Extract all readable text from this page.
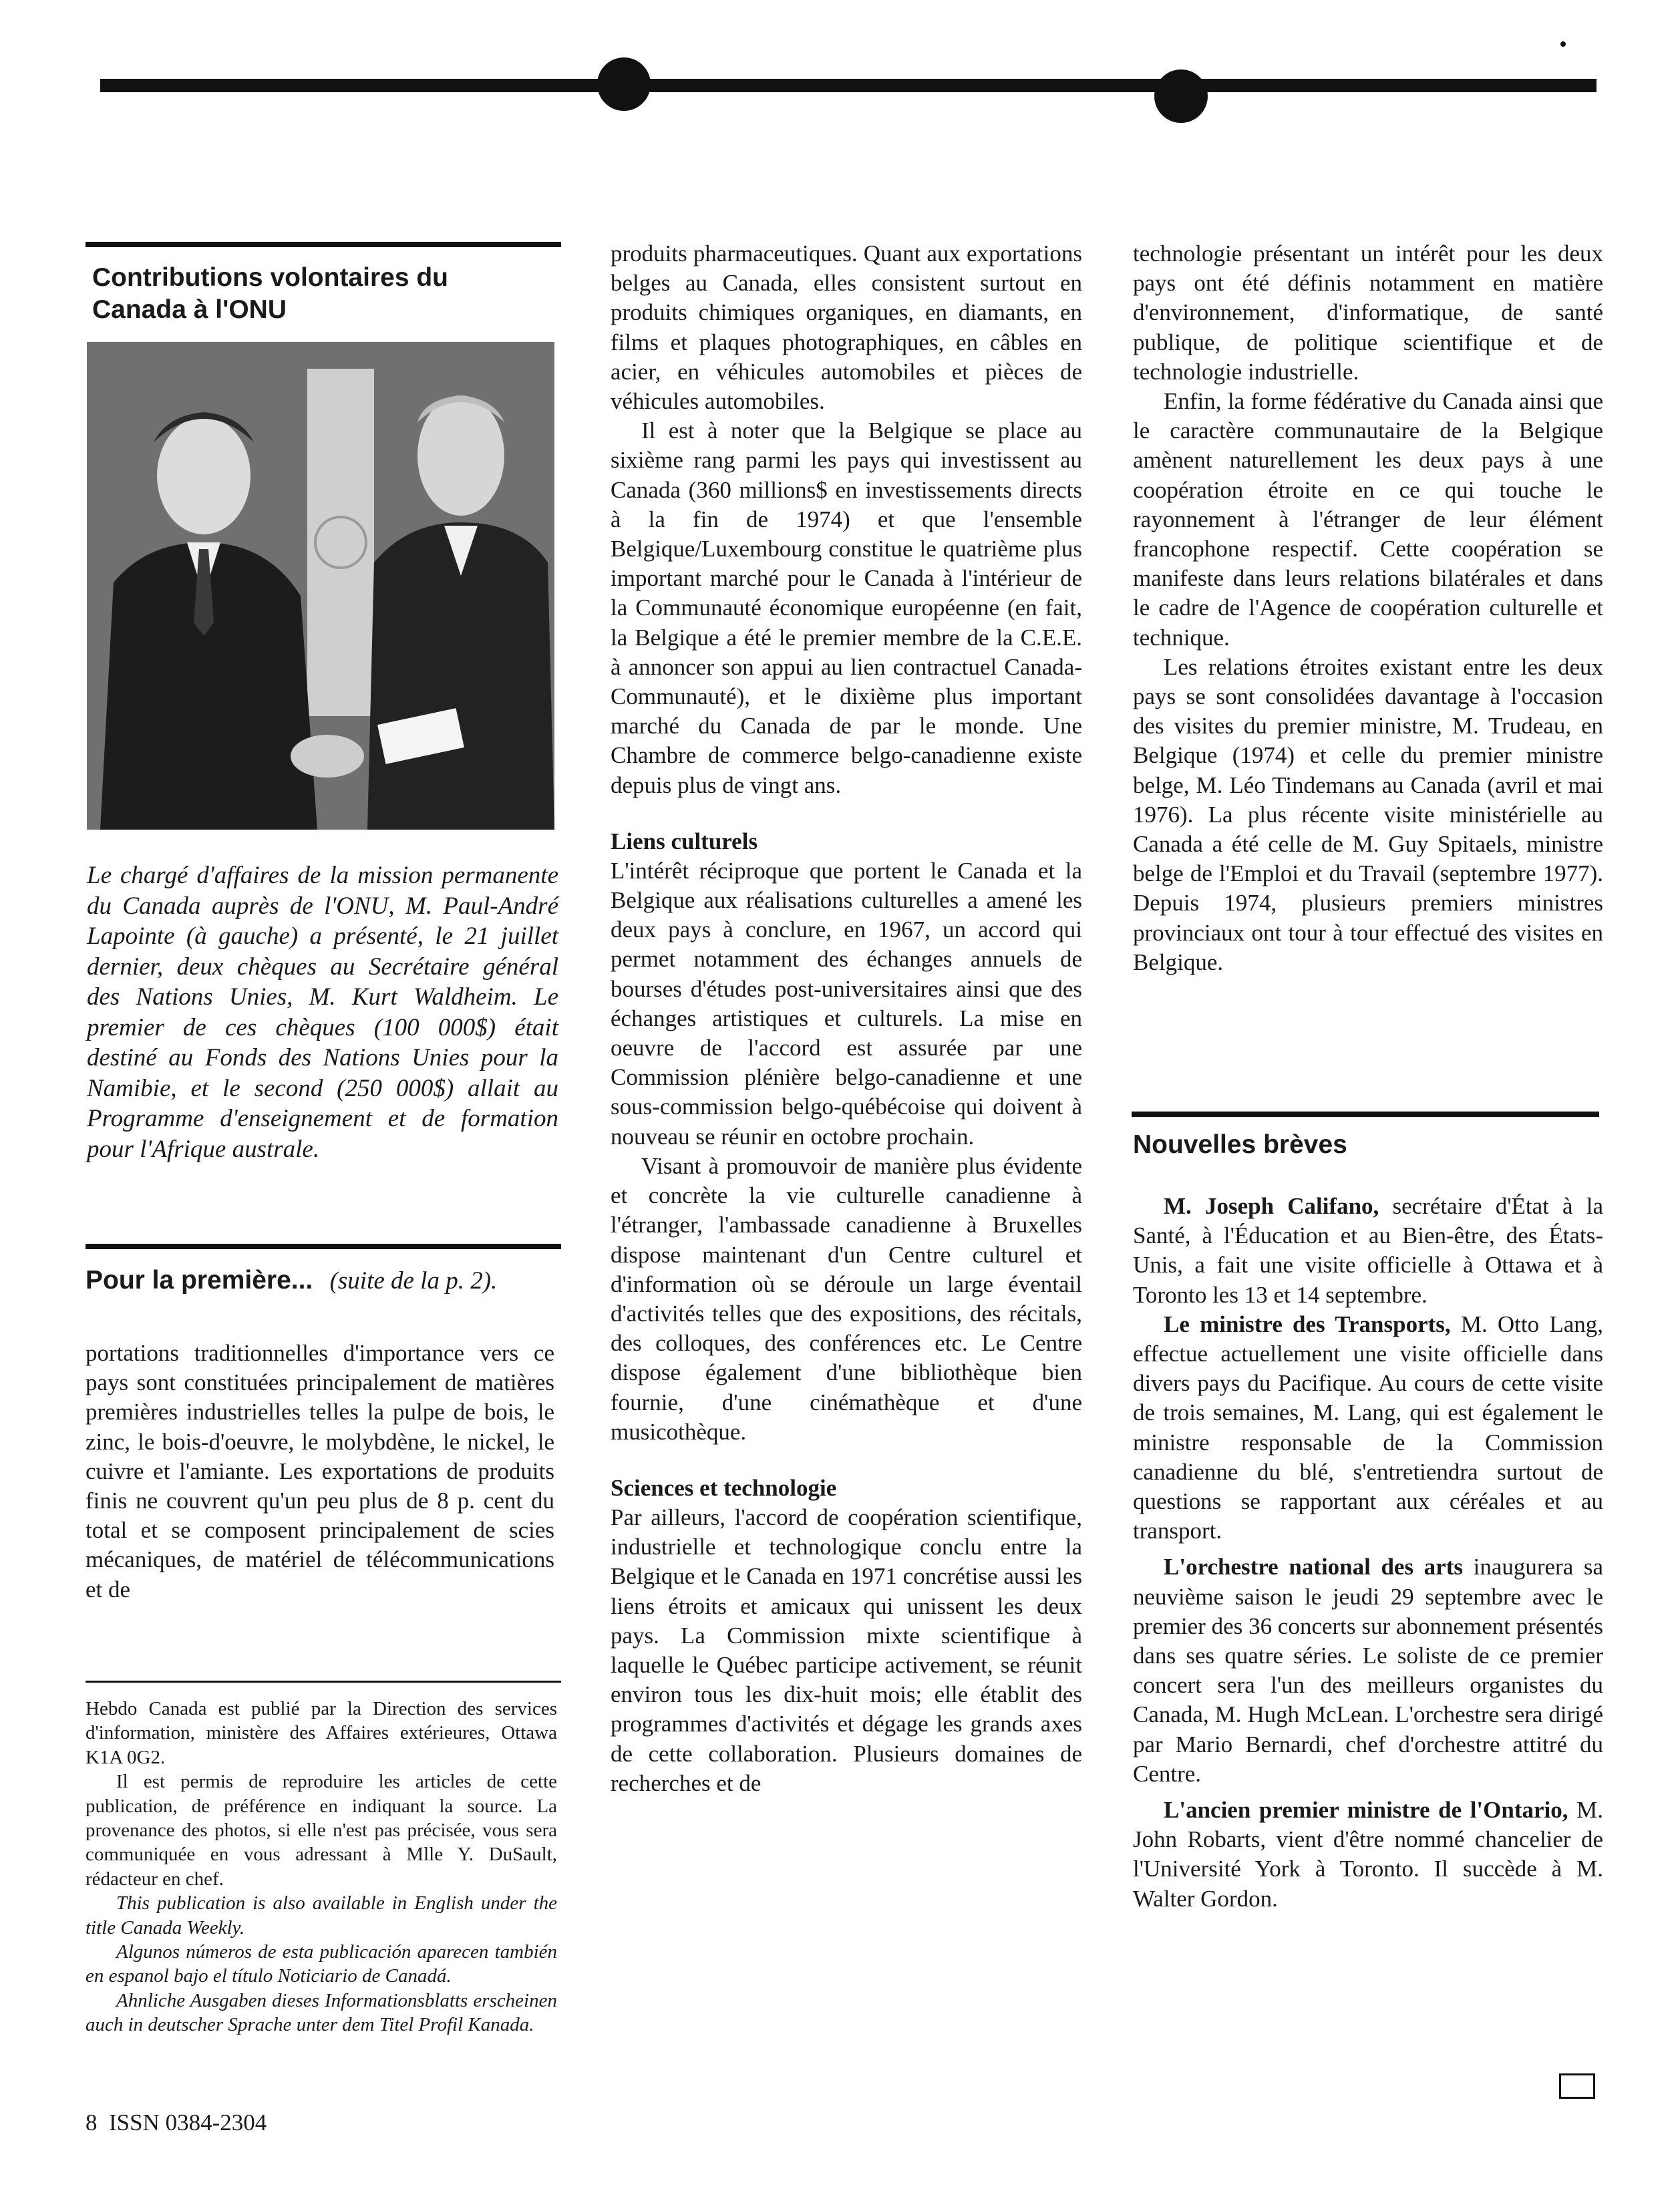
Contributions volontaires du Canada à l'ONU
Le chargé d'affaires de la mission permanente du Canada auprès de l'ONU, M. Paul-André Lapointe (à gauche) a présenté, le 21 juillet dernier, deux chèques au Secrétaire général des Nations Unies, M. Kurt Waldheim. Le premier de ces chèques (100 000$) était destiné au Fonds des Nations Unies pour la Namibie, et le second (250 000$) allait au Programme d'enseignement et de formation pour l'Afrique australe.
Pour la première... (suite de la p. 2).
portations traditionnelles d'importance vers ce pays sont constituées principalement de matières premières industrielles telles la pulpe de bois, le zinc, le bois-d'oeuvre, le molybdène, le nickel, le cuivre et l'amiante. Les exportations de produits finis ne couvrent qu'un peu plus de 8 p. cent du total et se composent principalement de scies mécaniques, de matériel de télécommunications et de

Hebdo Canada est publié par la Direction des services d'information, ministère des Affaires extérieures, Ottawa K1A 0G2.

Il est permis de reproduire les articles de cette publication, de préférence en indiquant la source. La provenance des photos, si elle n'est pas précisée, vous sera communiquée en vous adressant à Mlle Y. DuSault, rédacteur en chef.

This publication is also available in English under the title Canada Weekly.

Algunos números de esta publicación aparecen también en espanol bajo el título Noticiario de Canadá.

Ahnliche Ausgaben dieses Informationsblatts erscheinen auch in deutscher Sprache unter dem Titel Profil Kanada.

8  ISSN 0384-2304

produits pharmaceutiques. Quant aux exportations belges au Canada, elles consistent surtout en produits chimiques organiques, en diamants, en films et plaques photographiques, en câbles en acier, en véhicules automobiles et pièces de véhicules automobiles.

Il est à noter que la Belgique se place au sixième rang parmi les pays qui investissent au Canada (360 millions$ en investissements directs à la fin de 1974) et que l'ensemble Belgique/Luxembourg constitue le quatrième plus important marché pour le Canada à l'intérieur de la Communauté économique européenne (en fait, la Belgique a été le premier membre de la C.E.E. à annoncer son appui au lien contractuel Canada-Communauté), et le dixième plus important marché du Canada de par le monde. Une Chambre de commerce belgo-canadienne existe depuis plus de vingt ans.

Liens culturels

L'intérêt réciproque que portent le Canada et la Belgique aux réalisations culturelles a amené les deux pays à conclure, en 1967, un accord qui permet notamment des échanges annuels de bourses d'études post-universitaires ainsi que des échanges artistiques et culturels. La mise en oeuvre de l'accord est assurée par une Commission plénière belgo-canadienne et une sous-commission belgo-québécoise qui doivent à nouveau se réunir en octobre prochain.

Visant à promouvoir de manière plus évidente et concrète la vie culturelle canadienne à l'étranger, l'ambassade canadienne à Bruxelles dispose maintenant d'un Centre culturel et d'information où se déroule un large éventail d'activités telles que des expositions, des récitals, des colloques, des conférences etc. Le Centre dispose également d'une bibliothèque bien fournie, d'une cinémathèque et d'une musicothèque.

Sciences et technologie

Par ailleurs, l'accord de coopération scientifique, industrielle et technologique conclu entre la Belgique et le Canada en 1971 concrétise aussi les liens étroits et amicaux qui unissent les deux pays. La Commission mixte scientifique à laquelle le Québec participe activement, se réunit environ tous les dix-huit mois; elle établit des programmes d'activités et dégage les grands axes de cette collaboration. Plusieurs domaines de recherches et de

technologie présentant un intérêt pour les deux pays ont été définis notamment en matière d'environnement, d'informatique, de santé publique, de politique scientifique et de technologie industrielle.

Enfin, la forme fédérative du Canada ainsi que le caractère communautaire de la Belgique amènent naturellement les deux pays à une coopération étroite en ce qui touche le rayonnement à l'étranger de leur élément francophone respectif. Cette coopération se manifeste dans leurs relations bilatérales et dans le cadre de l'Agence de coopération culturelle et technique.

Les relations étroites existant entre les deux pays se sont consolidées davantage à l'occasion des visites du premier ministre, M. Trudeau, en Belgique (1974) et celle du premier ministre belge, M. Léo Tindemans au Canada (avril et mai 1976). La plus récente visite ministérielle au Canada a été celle de M. Guy Spitaels, ministre belge de l'Emploi et du Travail (septembre 1977). Depuis 1974, plusieurs premiers ministres provinciaux ont tour à tour effectué des visites en Belgique.

Nouvelles brèves

M. Joseph Califano, secrétaire d'État à la Santé, à l'Éducation et au Bien-être, des États-Unis, a fait une visite officielle à Ottawa et à Toronto les 13 et 14 septembre.

Le ministre des Transports, M. Otto Lang, effectue actuellement une visite officielle dans divers pays du Pacifique. Au cours de cette visite de trois semaines, M. Lang, qui est également le ministre responsable de la Commission canadienne du blé, s'entretiendra surtout de questions se rapportant aux céréales et au transport.

L'orchestre national des arts inaugurera sa neuvième saison le jeudi 29 septembre avec le premier des 36 concerts sur abonnement présentés dans ses quatre séries. Le soliste de ce premier concert sera l'un des meilleurs organistes du Canada, M. Hugh McLean. L'orchestre sera dirigé par Mario Bernardi, chef d'orchestre attitré du Centre.

L'ancien premier ministre de l'Ontario, M. John Robarts, vient d'être nommé chancelier de l'Université York à Toronto. Il succède à M. Walter Gordon.
